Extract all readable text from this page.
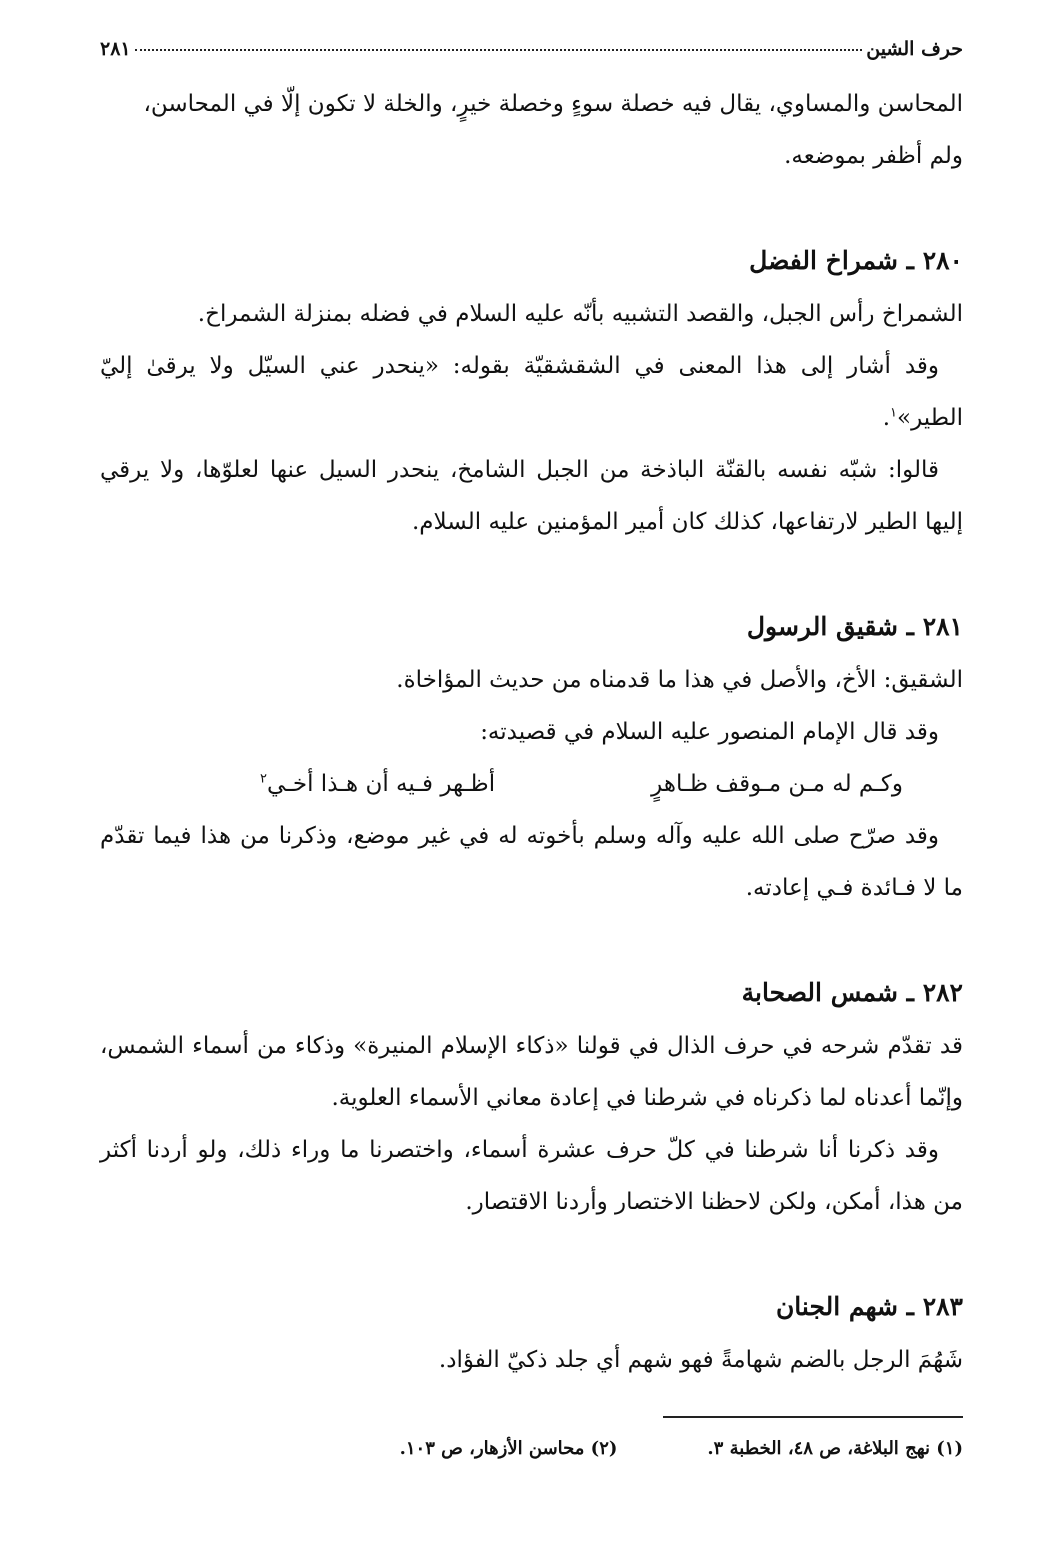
حرف الشين
٢٨١

المحاسن والمساوي، يقال فيه خصلة سوءٍ وخصلة خيرٍ، والخلة لا تكون إلّا في المحاسن،

ولم أظفر بموضعه.

٢٨٠ ـ شمراخ الفضل

الشمراخ رأس الجبل، والقصد التشبيه بأنّه عليه السلام في فضله بمنزلة الشمراخ.

وقد أشار إلى هذا المعنى في الشقشقيّة بقوله: «ينحدر عني السيّل ولا يرقىٰ إليّ الطير»$^١$.

قالوا: شبّه نفسه بالقنّة الباذخة من الجبل الشامخ، ينحدر السيل عنها لعلوّها، ولا يرقي إليها الطير لارتفاعها، كذلك كان أمير المؤمنين عليه السلام.

٢٨١ ـ شقيق الرسول

الشقيق: الأخ، والأصل في هذا ما قدمناه من حديث المؤاخاة.

وقد قال الإمام المنصور عليه السلام في قصيدته:

وكـم له مـن مـوقف ظـاهرٍ
أظـهر فـيه أن هـذا أخـي$^٢$

وقد صرّح صلى الله عليه وآله وسلم بأخوته له في غير موضع، وذكرنا من هذا فيما تقدّم ما لا فـائدة فـي إعادته.

٢٨٢ ـ شمس الصحابة

قد تقدّم شرحه في حرف الذال في قولنا «ذكاء الإسلام المنيرة» وذكاء من أسماء الشمس، وإنّما أعدناه لما ذكرناه في شرطنا في إعادة معاني الأسماء العلوية.

وقد ذكرنا أنا شرطنا في كلّ حرف عشرة أسماء، واختصرنا ما وراء ذلك، ولو أردنا أكثر من هذا، أمكن، ولكن لاحظنا الاختصار وأردنا الاقتصار.

٢٨٣ ـ شهم الجنان

شَهُمَ الرجل بالضم شهامةً فهو شهم أي جلد ذكيّ الفؤاد.

(١) نهج البلاغة، ص ٤٨، الخطبة ٣.
(٢) محاسن الأزهار، ص ١٠٣.
